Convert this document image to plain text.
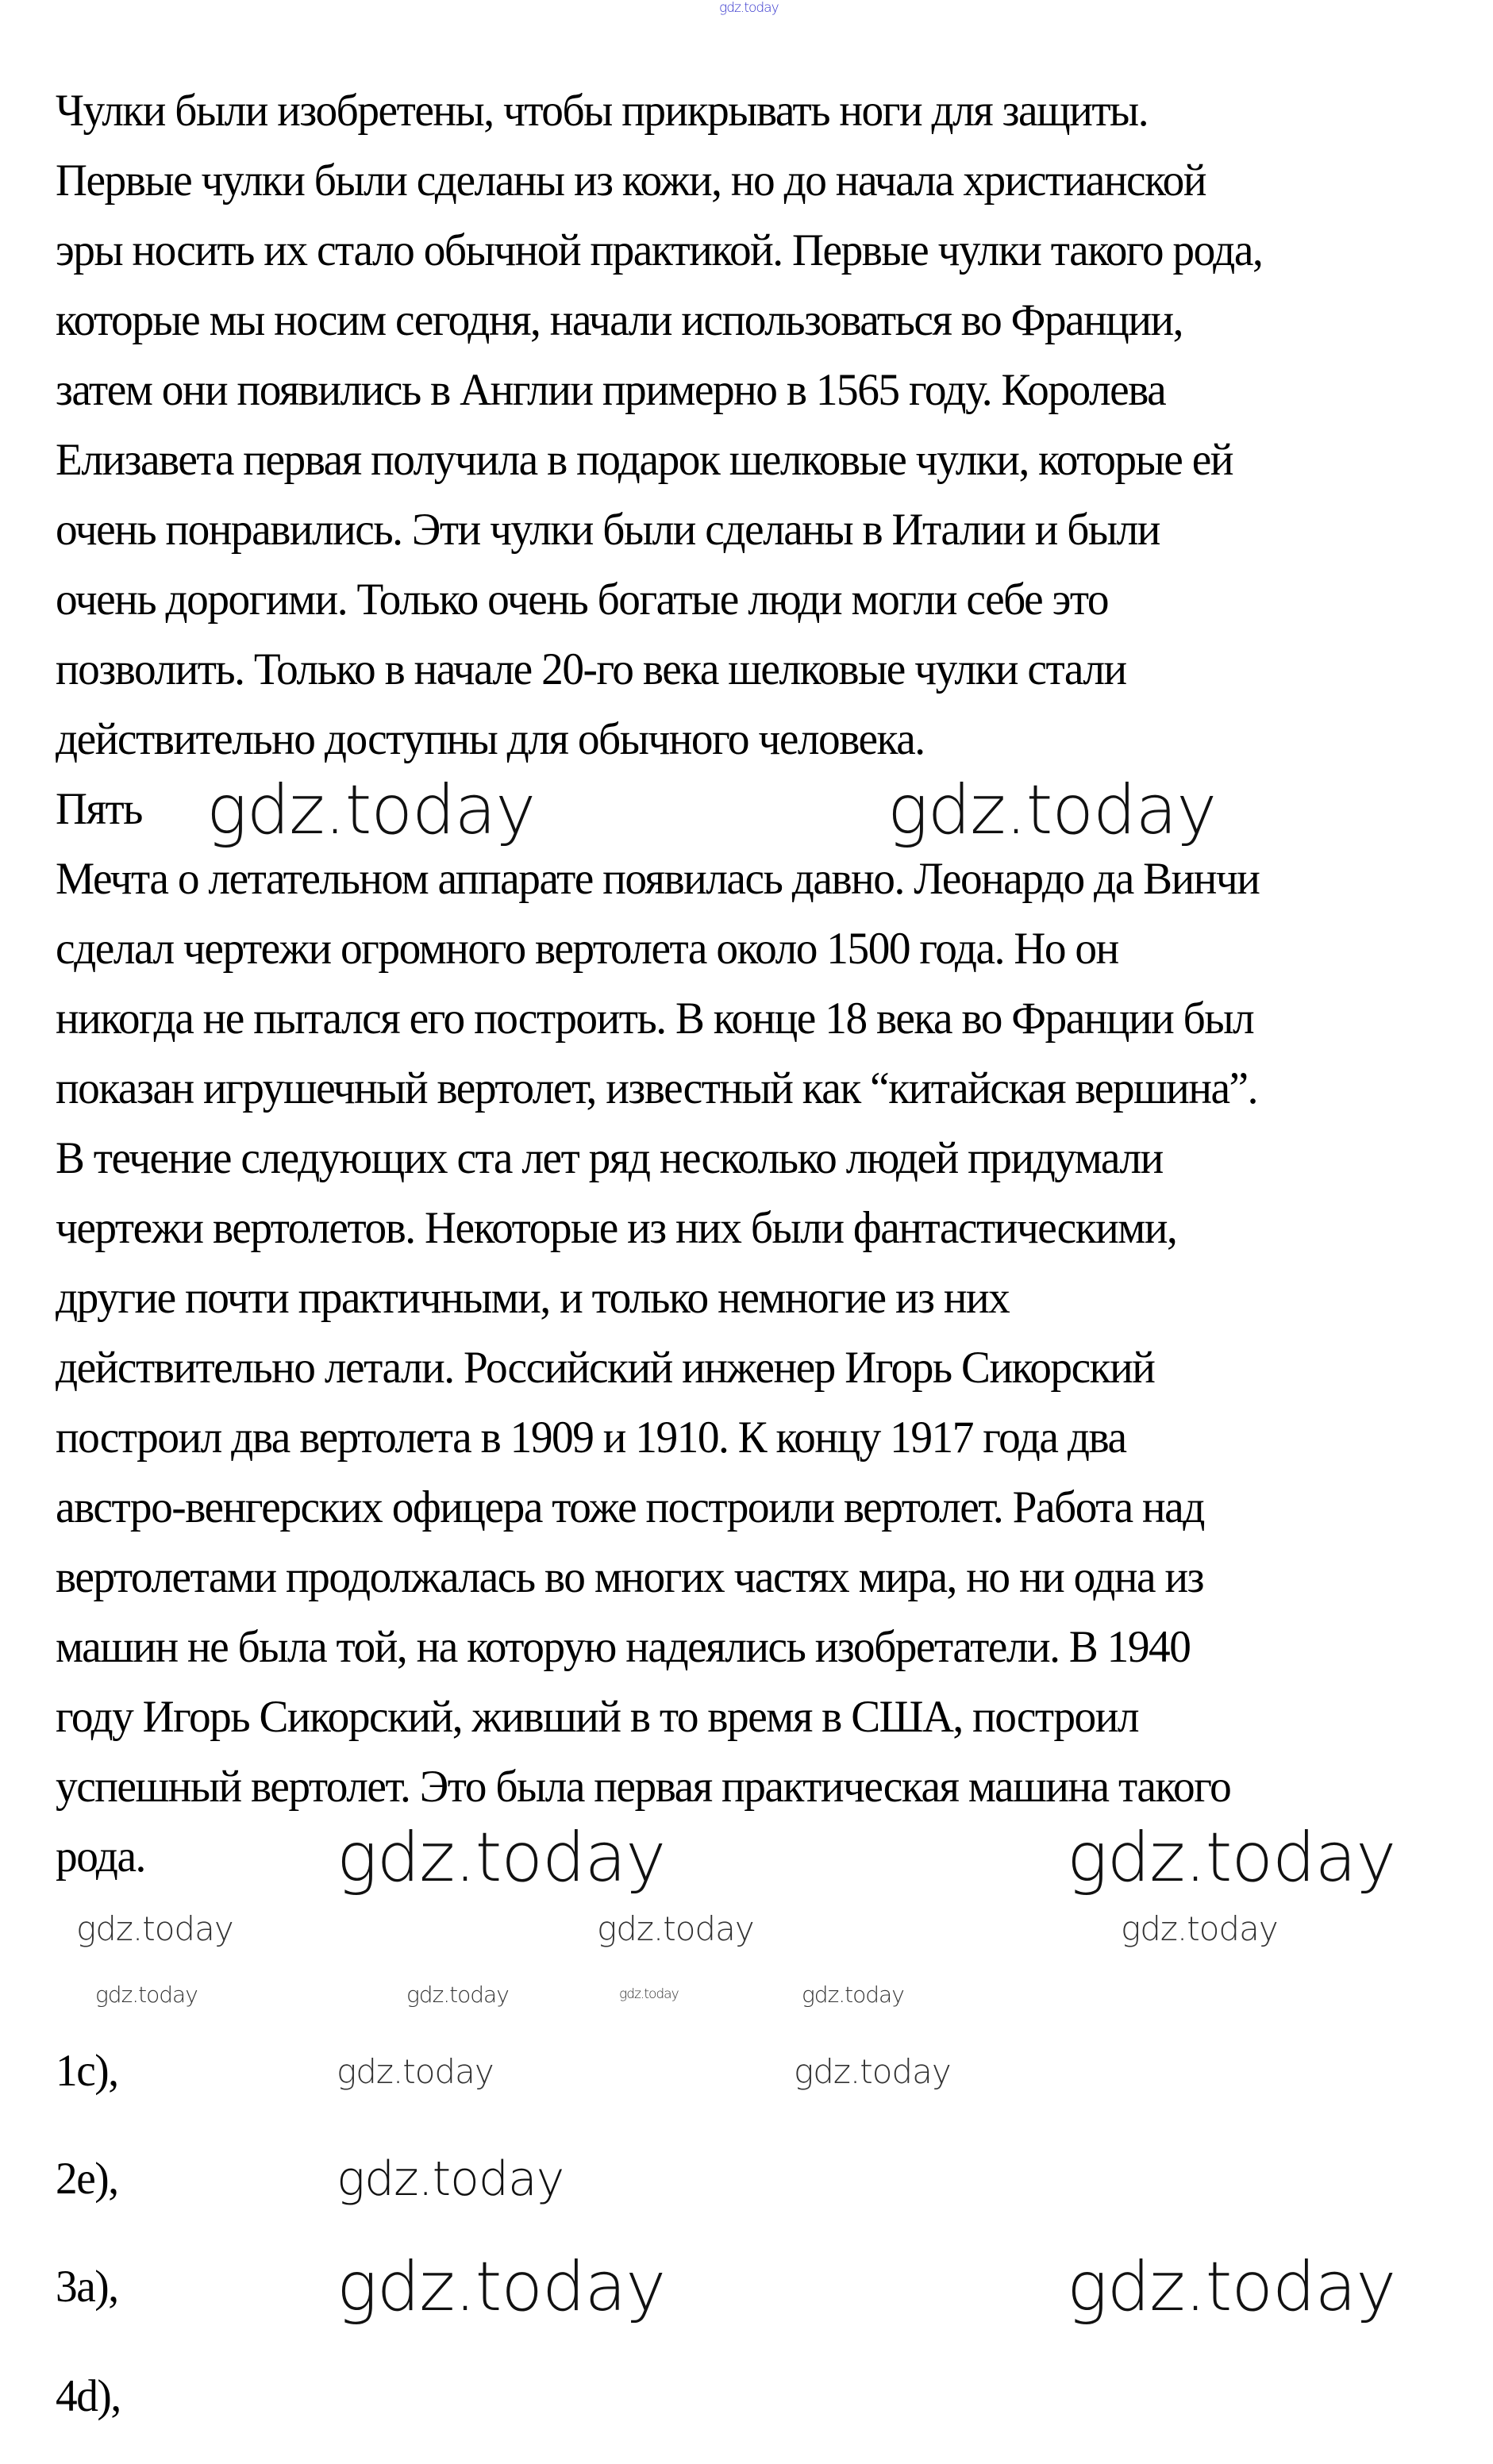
gdz.today
Чулки были изобретены, чтобы прикрывать ноги для защиты.
Первые чулки были сделаны из кожи, но до начала христианской
эры носить их стало обычной практикой. Первые чулки такого рода,
которые мы носим сегодня, начали использоваться во Франции,
затем они появились в Англии примерно в 1565 году. Королева
Елизавета первая получила в подарок шелковые чулки, которые ей
очень понравились. Эти чулки были сделаны в Италии и были
очень дорогими. Только очень богатые люди могли себе это
позволить. Только в начале 20-го века шелковые чулки стали
действительно доступны для обычного человека.
Пять
Мечта о летательном аппарате появилась давно. Леонардо да Винчи
сделал чертежи огромного вертолета около 1500 года. Но он
никогда не пытался его построить. В конце 18 века во Франции был
показан игрушечный вертолет, известный как “китайская вершина”.
В течение следующих ста лет ряд несколько людей придумали
чертежи вертолетов. Некоторые из них были фантастическими,
другие почти практичными, и только немногие из них
действительно летали. Российский инженер Игорь Сикорский
построил два вертолета в 1909 и 1910. К концу 1917 года два
австро-венгерских офицера тоже построили вертолет. Работа над
вертолетами продолжалась во многих частях мира, но ни одна из
машин не была той, на которую надеялись изобретатели. В 1940
году Игорь Сикорский, живший в то время в США, построил
успешный вертолет. Это была первая практическая машина такого
рода.
1c),
2e),
3a),
4d),
gdz.today	gdz.today
gdz.today	gdz.today
gdz.today	gdz.today	gdz.today
gdz.today	gdz.today	gdz.today	gdz.today
gdz.today	gdz.today
gdz.today
gdz.today	gdz.today
